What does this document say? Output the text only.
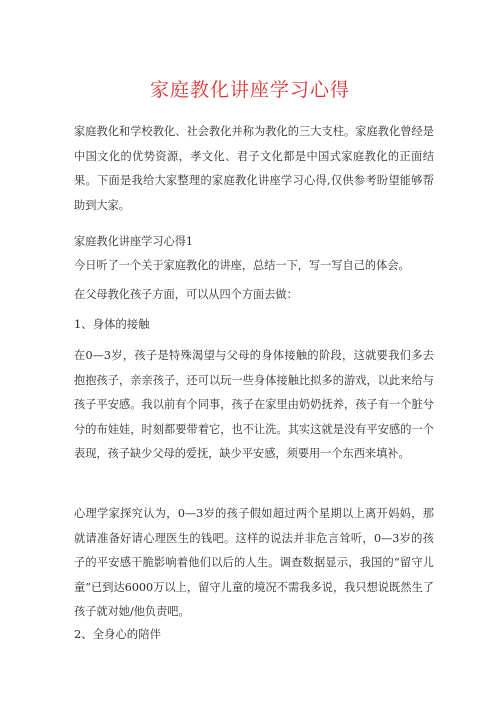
家庭教化讲座学习心得
家庭教化和学校教化、社会教化并称为教化的三大支柱。家庭教化曾经是中国文化的优势资源，孝文化、君子文化都是中国式家庭教化的正面结果。下面是我给大家整理的家庭教化讲座学习心得,仅供参考盼望能够帮助到大家。
家庭教化讲座学习心得1
今日听了一个关于家庭教化的讲座，总结一下，写一写自己的体会。
在父母教化孩子方面，可以从四个方面去做：
1、身体的接触
在0—3岁，孩子是特殊渴望与父母的身体接触的阶段，这就要我们多去抱抱孩子，亲亲孩子，还可以玩一些身体接触比拟多的游戏，以此来给与孩子平安感。我以前有个同事，孩子在家里由奶奶抚养，孩子有一个脏兮兮的布娃娃，时刻都要带着它，也不让洗。其实这就是没有平安感的一个表现，孩子缺少父母的爱抚，缺少平安感，须要用一个东西来填补。
心理学家探究认为，0—3岁的孩子假如超过两个星期以上离开妈妈，那就请准备好请心理医生的钱吧。这样的说法并非危言耸听，0—3岁的孩子的平安感干脆影响着他们以后的人生。调查数据显示，我国的“留守儿童”已到达6000万以上，留守儿童的境况不需我多说，我只想说既然生了孩子就对她/他负责吧。
2、全身心的陪伴
